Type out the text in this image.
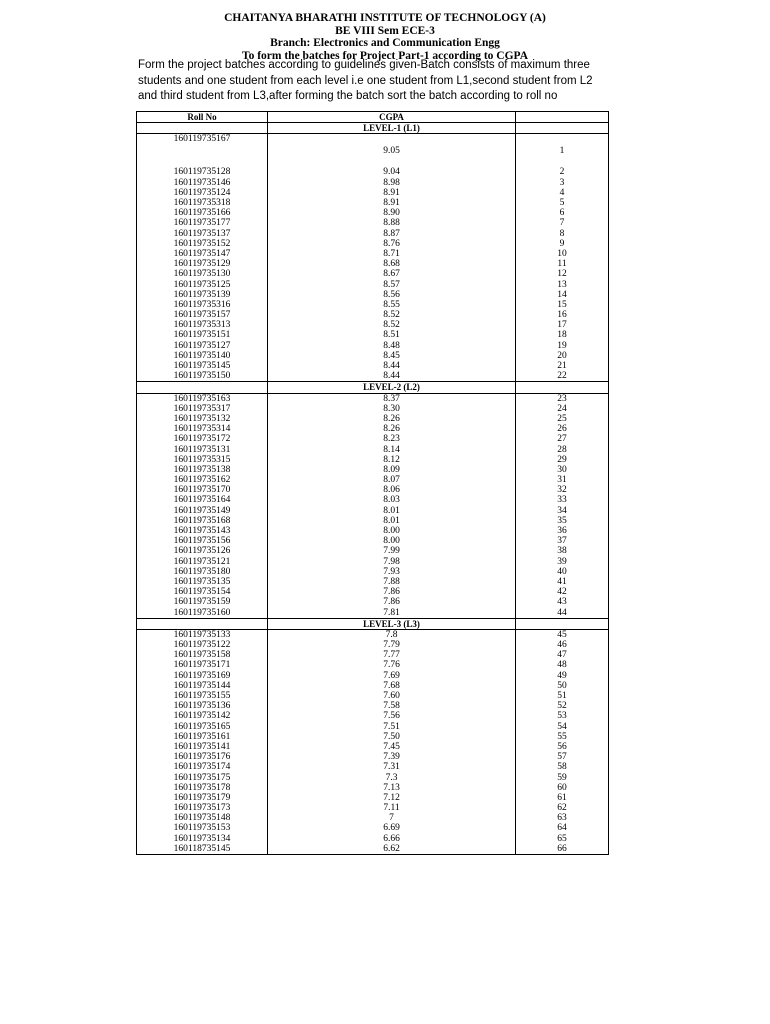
CHAITANYA BHARATHI INSTITUTE OF TECHNOLOGY (A)
BE VIII Sem ECE-3
Branch: Electronics and Communication Engg
To form the batches for Project Part-1 according to CGPA
Form the project batches according to guidelines given-Batch consists of maximum three students and one student from each level i.e one student from L1,second student from L2 and third student from L3,after forming the batch sort the batch according to roll no
Roll No	CGPA	
	LEVEL-1 (L1)	
160119735167	9.05	1
160119735128	9.04	2
160119735146	8.98	3
160119735124	8.91	4
160119735318	8.91	5
160119735166	8.90	6
160119735177	8.88	7
160119735137	8.87	8
160119735152	8.76	9
160119735147	8.71	10
160119735129	8.68	11
160119735130	8.67	12
160119735125	8.57	13
160119735139	8.56	14
160119735316	8.55	15
160119735157	8.52	16
160119735313	8.52	17
160119735151	8.51	18
160119735127	8.48	19
160119735140	8.45	20
160119735145	8.44	21
160119735150	8.44	22
	LEVEL-2 (L2)	
160119735163	8.37	23
160119735317	8.30	24
160119735132	8.26	25
160119735314	8.26	26
160119735172	8.23	27
160119735131	8.14	28
160119735315	8.12	29
160119735138	8.09	30
160119735162	8.07	31
160119735170	8.06	32
160119735164	8.03	33
160119735149	8.01	34
160119735168	8.01	35
160119735143	8.00	36
160119735156	8.00	37
160119735126	7.99	38
160119735121	7.98	39
160119735180	7.93	40
160119735135	7.88	41
160119735154	7.86	42
160119735159	7.86	43
160119735160	7.81	44
	LEVEL-3 (L3)	
160119735133	7.8	45
160119735122	7.79	46
160119735158	7.77	47
160119735171	7.76	48
160119735169	7.69	49
160119735144	7.68	50
160119735155	7.60	51
160119735136	7.58	52
160119735142	7.56	53
160119735165	7.51	54
160119735161	7.50	55
160119735141	7.45	56
160119735176	7.39	57
160119735174	7.31	58
160119735175	7.3	59
160119735178	7.13	60
160119735179	7.12	61
160119735173	7.11	62
160119735148	7	63
160119735153	6.69	64
160119735134	6.66	65
160118735145	6.62	66
